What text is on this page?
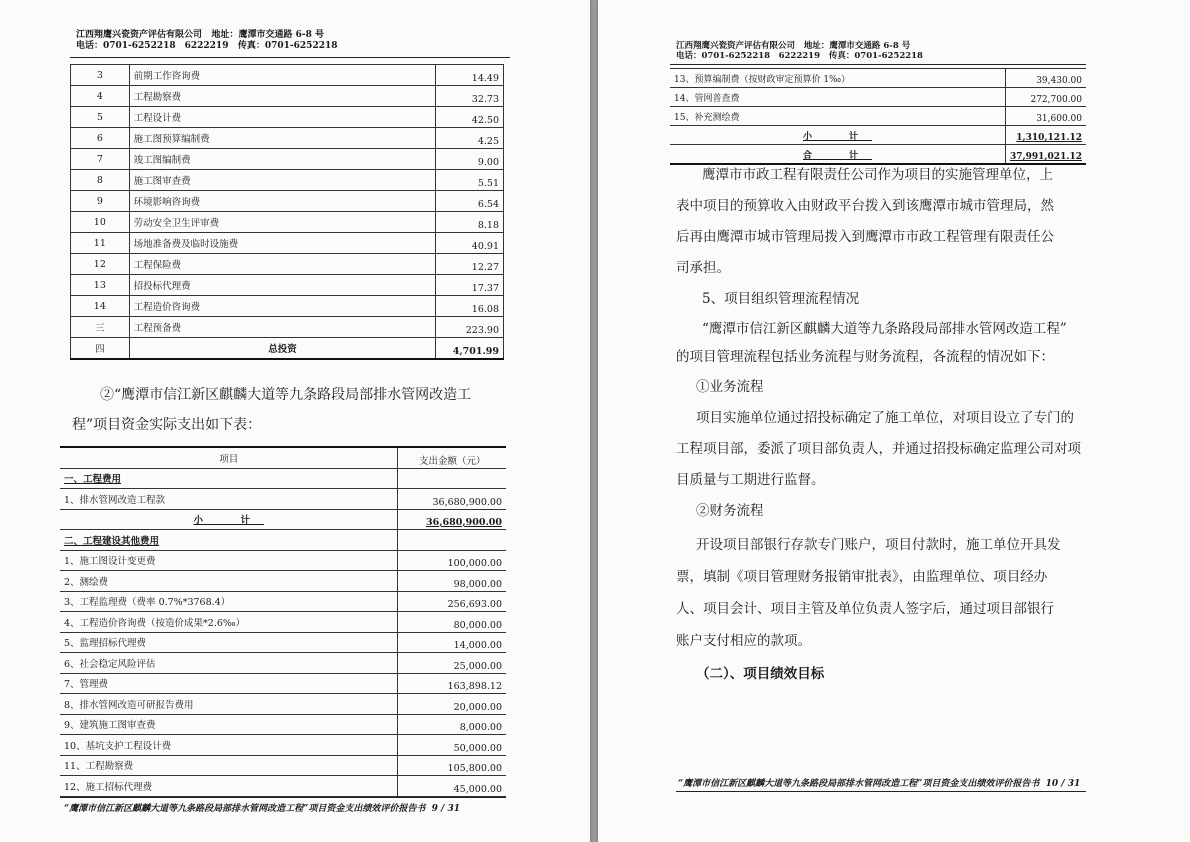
江西翔鹰兴瓷资产评估有限公司 地址：鹰潭市交通路 6-8 号
电话：0701-6252218　6222219 传真：0701-6252218
3	前期工作咨询费	14.49
4	工程勘察费	32.73
5	工程设计费	42.50
6	施工图预算编制费	4.25
7	竣工图编制费	9.00
8	施工图审查费	5.51
9	环境影响咨询费	6.54
10	劳动安全卫生评审费	8.18
11	场地准备费及临时设施费	40.91
12	工程保险费	12.27
13	招投标代理费	17.37
14	工程造价咨询费	16.08
三	工程预备费	223.90
四	总投资	4,701.99
②“鹰潭市信江新区麒麟大道等九条路段局部排水管网改造工
程”项目资金实际支出如下表：
项目	支出金额（元）
一、工程费用	
1、排水管网改造工程款	36,680,900.00
小　计	36,680,900.00
二、工程建设其他费用	
1、施工图设计变更费	100,000.00
2、测绘费	98,000.00
3、工程监理费（费率 0.7%*3768.4）	256,693.00
4、工程造价咨询费（按造价成果*2.6‰）	80,000.00
5、监理招标代理费	14,000.00
6、社会稳定风险评估	25,000.00
7、管理费	163,898.12
8、排水管网改造可研报告费用	20,000.00
9、建筑施工图审查费	8,000.00
10、基坑支护工程设计费	50,000.00
11、工程勘察费	105,800.00
12、施工招标代理费	45,000.00
“鹰潭市信江新区麒麟大道等九条路段局部排水管网改造工程”项目资金支出绩效评价报告书 9 / 31
江西翔鹰兴瓷资产评估有限公司 地址：鹰潭市交通路 6-8 号
电话：0701-6252218　6222219 传真：0701-6252218
13、预算编制费（按财政审定预算价 1‰）	39,430.00
14、管网普查费	272,700.00
15、补充测绘费	31,600.00
小　计	1,310,121.12
合　计	37,991,021.12
鹰潭市市政工程有限责任公司作为项目的实施管理单位，上
表中项目的预算收入由财政平台拨入到该鹰潭市城市管理局，然
后再由鹰潭市城市管理局拨入到鹰潭市市政工程管理有限责任公
司承担。
5、项目组织管理流程情况
“鹰潭市信江新区麒麟大道等九条路段局部排水管网改造工程”
的项目管理流程包括业务流程与财务流程，各流程的情况如下：
①业务流程
项目实施单位通过招投标确定了施工单位，对项目设立了专门的
工程项目部，委派了项目部负责人，并通过招投标确定监理公司对项
目质量与工期进行监督。
②财务流程
开设项目部银行存款专门账户，项目付款时，施工单位开具发
票，填制《项目管理财务报销审批表》，由监理单位、项目经办
人、项目会计、项目主管及单位负责人签字后，通过项目部银行
账户支付相应的款项。
（二）、项目绩效目标
“鹰潭市信江新区麒麟大道等九条路段局部排水管网改造工程”项目资金支出绩效评价报告书 10 / 31
